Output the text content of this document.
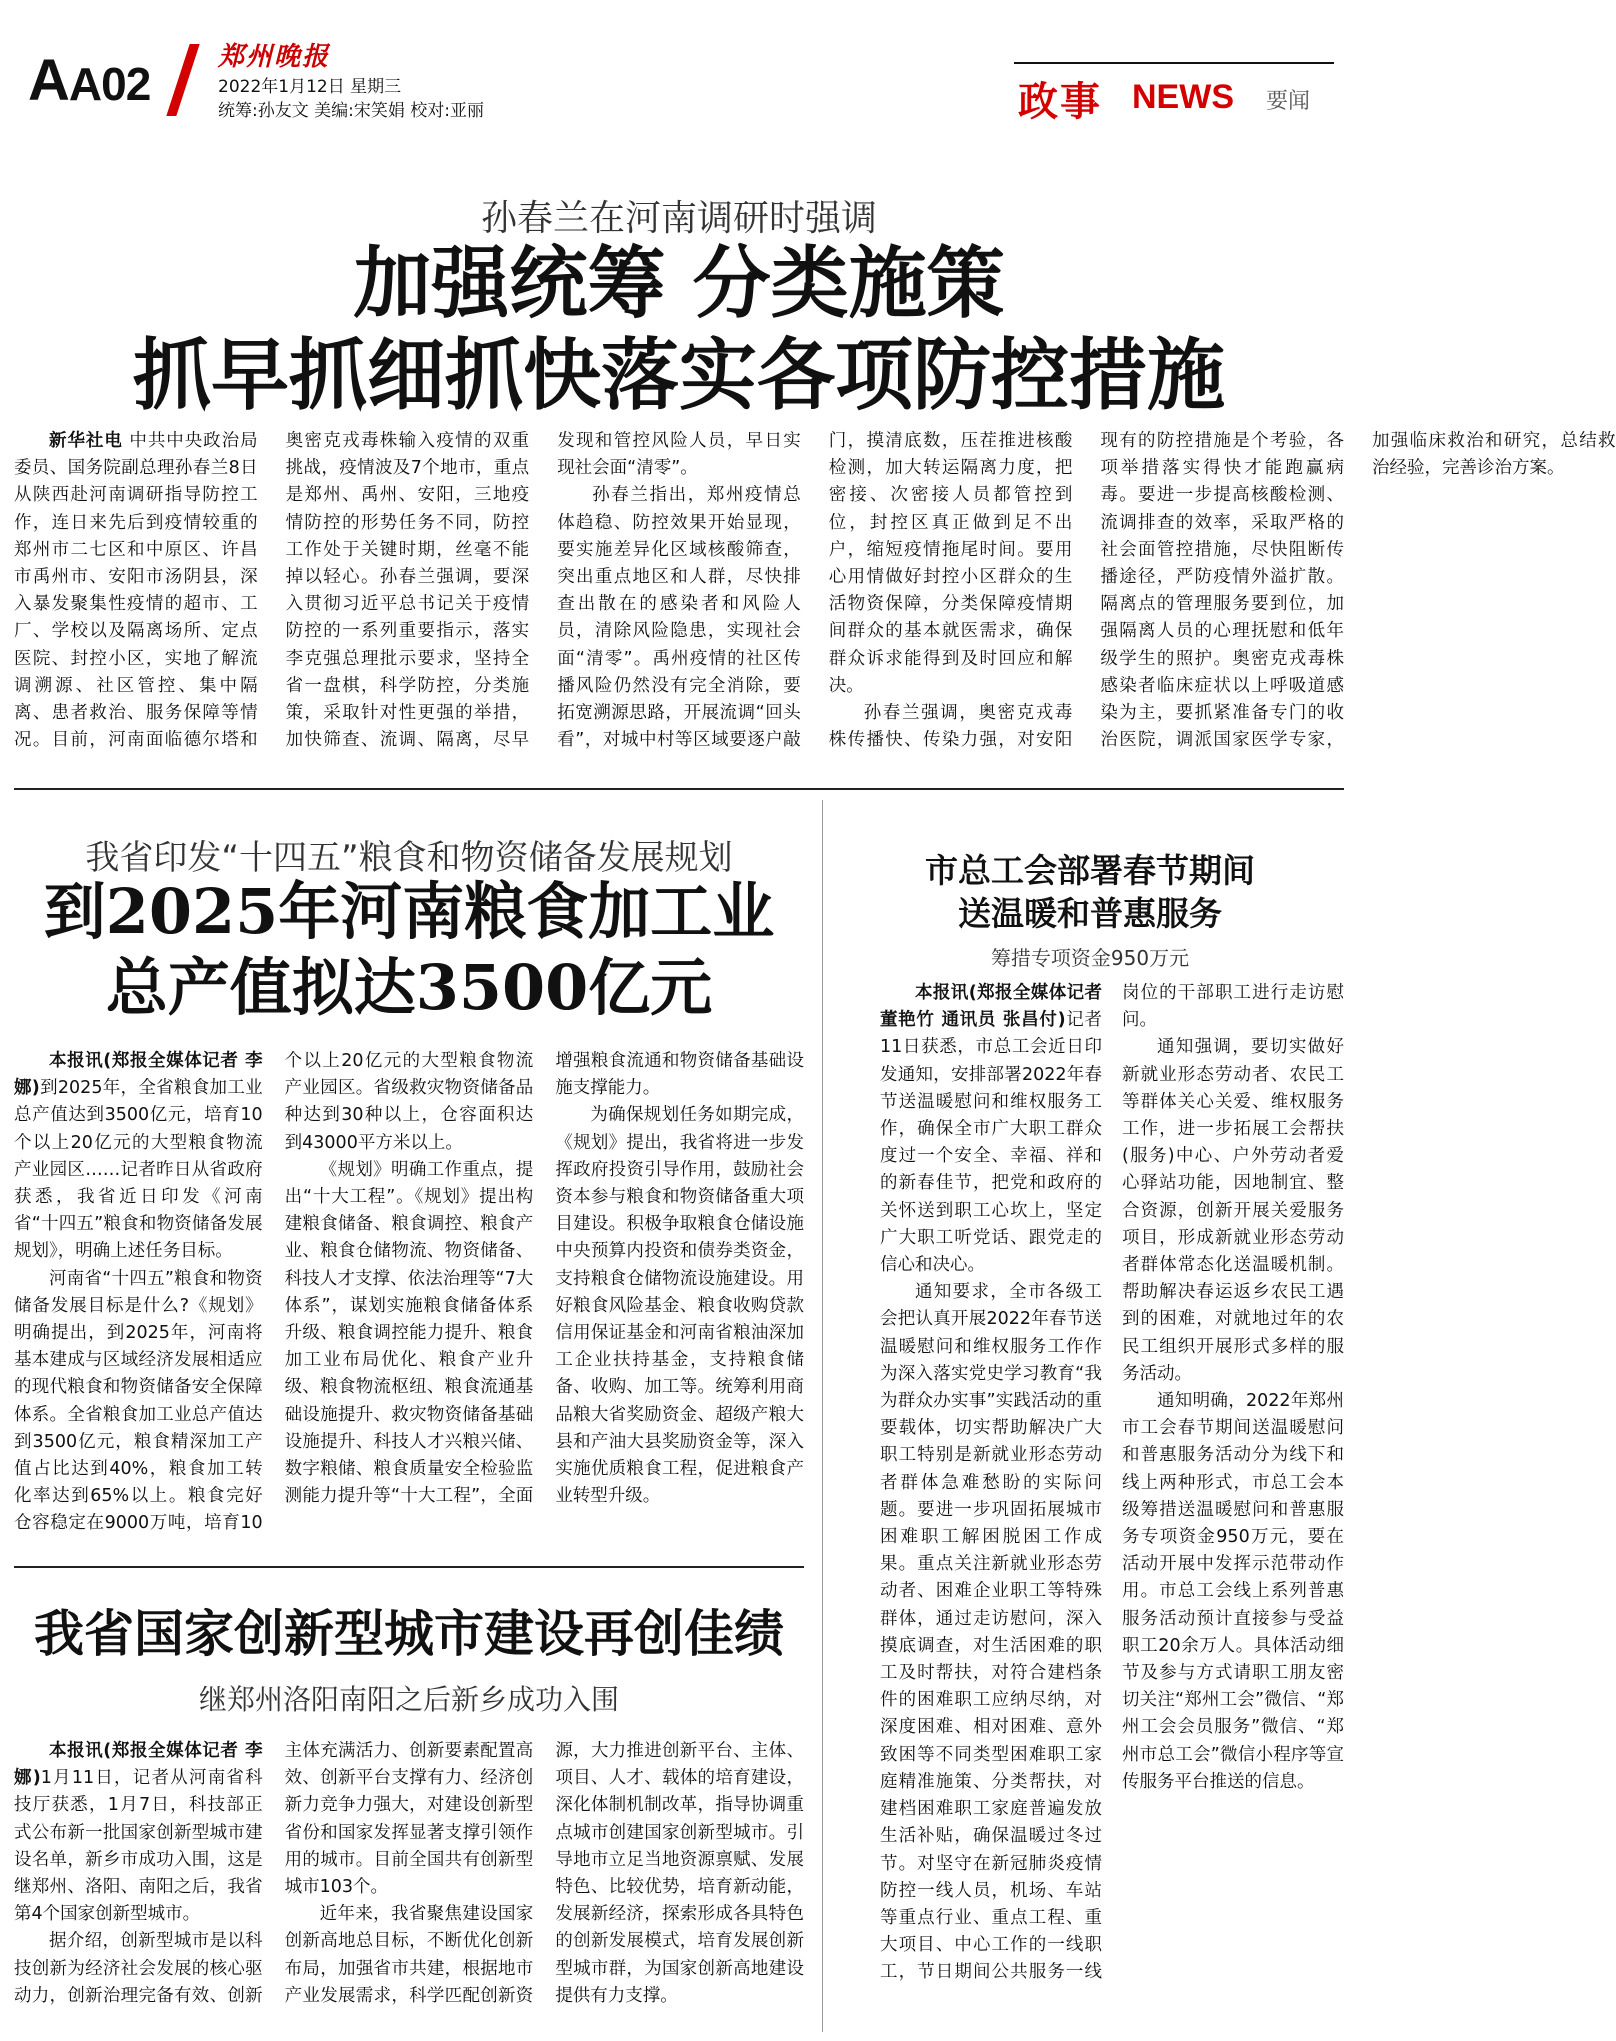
AA02
郑州晚报
2022年1月12日 星期三
统筹:孙友文 美编:宋笑娟 校对:亚丽	政事 NEWS 要闻
孙春兰在河南调研时强调
加强统筹 分类施策
抓早抓细抓快落实各项防控措施

新华社电 中共中央政治局委员、国务院副总理孙春兰8日从陕西赴河南调研指导防控工作，连日来先后到疫情较重的郑州市二七区和中原区、许昌市禹州市、安阳市汤阴县，深入暴发聚集性疫情的超市、工厂、学校以及隔离场所、定点医院、封控小区，实地了解流调溯源、社区管控、集中隔离、患者救治、服务保障等情况。目前，河南面临德尔塔和奥密克戎毒株输入疫情的双重挑战，疫情波及7个地市，重点是郑州、禹州、安阳，三地疫情防控的形势任务不同，防控工作处于关键时期，丝毫不能掉以轻心。孙春兰强调，要深入贯彻习近平总书记关于疫情防控的一系列重要指示，落实李克强总理批示要求，坚持全省一盘棋，科学防控，分类施策，采取针对性更强的举措，加快筛查、流调、隔离，尽早发现和管控风险人员，早日实现社会面“清零”。

孙春兰指出，郑州疫情总体趋稳、防控效果开始显现，要实施差异化区域核酸筛查，突出重点地区和人群，尽快排查出散在的感染者和风险人员，清除风险隐患，实现社会面“清零”。禹州疫情的社区传播风险仍然没有完全消除，要拓宽溯源思路，开展流调“回头看”，对城中村等区域要逐户敲门，摸清底数，压茬推进核酸检测，加大转运隔离力度，把密接、次密接人员都管控到位，封控区真正做到足不出户，缩短疫情拖尾时间。要用心用情做好封控小区群众的生活物资保障，分类保障疫情期间群众的基本就医需求，确保群众诉求能得到及时回应和解决。

孙春兰强调，奥密克戎毒株传播快、传染力强，对安阳现有的防控措施是个考验，各项举措落实得快才能跑赢病毒。要进一步提高核酸检测、流调排查的效率，采取严格的社会面管控措施，尽快阻断传播途径，严防疫情外溢扩散。隔离点的管理服务要到位，加强隔离人员的心理抚慰和低年级学生的照护。奥密克戎毒株感染者临床症状以上呼吸道感染为主，要抓紧准备专门的收治医院，调派国家医学专家，加强临床救治和研究，总结救治经验，完善诊治方案。

我省印发“十四五”粮食和物资储备发展规划
到2025年河南粮食加工业
总产值拟达3500亿元

本报讯(郑报全媒体记者 李娜)到2025年，全省粮食加工业总产值达到3500亿元，培育10个以上20亿元的大型粮食物流产业园区……记者昨日从省政府获悉，我省近日印发《河南省“十四五”粮食和物资储备发展规划》，明确上述任务目标。

河南省“十四五”粮食和物资储备发展目标是什么?《规划》明确提出，到2025年，河南将基本建成与区域经济发展相适应的现代粮食和物资储备安全保障体系。全省粮食加工业总产值达到3500亿元，粮食精深加工产值占比达到40%，粮食加工转化率达到65%以上。粮食完好仓容稳定在9000万吨，培育10个以上20亿元的大型粮食物流产业园区。省级救灾物资储备品种达到30种以上，仓容面积达到43000平方米以上。

《规划》明确工作重点，提出“十大工程”。《规划》提出构建粮食储备、粮食调控、粮食产业、粮食仓储物流、物资储备、科技人才支撑、依法治理等“7大体系”，谋划实施粮食储备体系升级、粮食调控能力提升、粮食加工业布局优化、粮食产业升级、粮食物流枢纽、粮食流通基础设施提升、救灾物资储备基础设施提升、科技人才兴粮兴储、数字粮储、粮食质量安全检验监测能力提升等“十大工程”，全面增强粮食流通和物资储备基础设施支撑能力。

为确保规划任务如期完成，《规划》提出，我省将进一步发挥政府投资引导作用，鼓励社会资本参与粮食和物资储备重大项目建设。积极争取粮食仓储设施中央预算内投资和债券类资金，支持粮食仓储物流设施建设。用好粮食风险基金、粮食收购贷款信用保证基金和河南省粮油深加工企业扶持基金，支持粮食储备、收购、加工等。统筹利用商品粮大省奖励资金、超级产粮大县和产油大县奖励资金等，深入实施优质粮食工程，促进粮食产业转型升级。

我省国家创新型城市建设再创佳绩
继郑州洛阳南阳之后新乡成功入围

本报讯(郑报全媒体记者 李娜)1月11日，记者从河南省科技厅获悉，1月7日，科技部正式公布新一批国家创新型城市建设名单，新乡市成功入围，这是继郑州、洛阳、南阳之后，我省第4个国家创新型城市。

据介绍，创新型城市是以科技创新为经济社会发展的核心驱动力，创新治理完备有效、创新主体充满活力、创新要素配置高效、创新平台支撑有力、经济创新力竞争力强大，对建设创新型省份和国家发挥显著支撑引领作用的城市。目前全国共有创新型城市103个。

近年来，我省聚焦建设国家创新高地总目标，不断优化创新布局，加强省市共建，根据地市产业发展需求，科学匹配创新资源，大力推进创新平台、主体、项目、人才、载体的培育建设，深化体制机制改革，指导协调重点城市创建国家创新型城市。引导地市立足当地资源禀赋、发展特色、比较优势，培育新动能，发展新经济，探索形成各具特色的创新发展模式，培育发展创新型城市群，为国家创新高地建设提供有力支撑。

市总工会部署春节期间
送温暖和普惠服务
筹措专项资金950万元

本报讯(郑报全媒体记者 董艳竹 通讯员 张昌付)记者11日获悉，市总工会近日印发通知，安排部署2022年春节送温暖慰问和维权服务工作，确保全市广大职工群众度过一个安全、幸福、祥和的新春佳节，把党和政府的关怀送到职工心坎上，坚定广大职工听党话、跟党走的信心和决心。

通知要求，全市各级工会把认真开展2022年春节送温暖慰问和维权服务工作作为深入落实党史学习教育“我为群众办实事”实践活动的重要载体，切实帮助解决广大职工特别是新就业形态劳动者群体急难愁盼的实际问题。要进一步巩固拓展城市困难职工解困脱困工作成果。重点关注新就业形态劳动者、困难企业职工等特殊群体，通过走访慰问，深入摸底调查，对生活困难的职工及时帮扶，对符合建档条件的困难职工应纳尽纳，对深度困难、相对困难、意外致困等不同类型困难职工家庭精准施策、分类帮扶，对建档困难职工家庭普遍发放生活补贴，确保温暖过冬过节。对坚守在新冠肺炎疫情防控一线人员，机场、车站等重点行业、重点工程、重大项目、中心工作的一线职工，节日期间公共服务一线岗位的干部职工进行走访慰问。

通知强调，要切实做好新就业形态劳动者、农民工等群体关心关爱、维权服务工作，进一步拓展工会帮扶(服务)中心、户外劳动者爱心驿站功能，因地制宜、整合资源，创新开展关爱服务项目，形成新就业形态劳动者群体常态化送温暖机制。帮助解决春运返乡农民工遇到的困难，对就地过年的农民工组织开展形式多样的服务活动。

通知明确，2022年郑州市工会春节期间送温暖慰问和普惠服务活动分为线下和线上两种形式，市总工会本级筹措送温暖慰问和普惠服务专项资金950万元，要在活动开展中发挥示范带动作用。市总工会线上系列普惠服务活动预计直接参与受益职工20余万人。具体活动细节及参与方式请职工朋友密切关注“郑州工会”微信、“郑州工会会员服务”微信、“郑州市总工会”微信小程序等宣传服务平台推送的信息。
